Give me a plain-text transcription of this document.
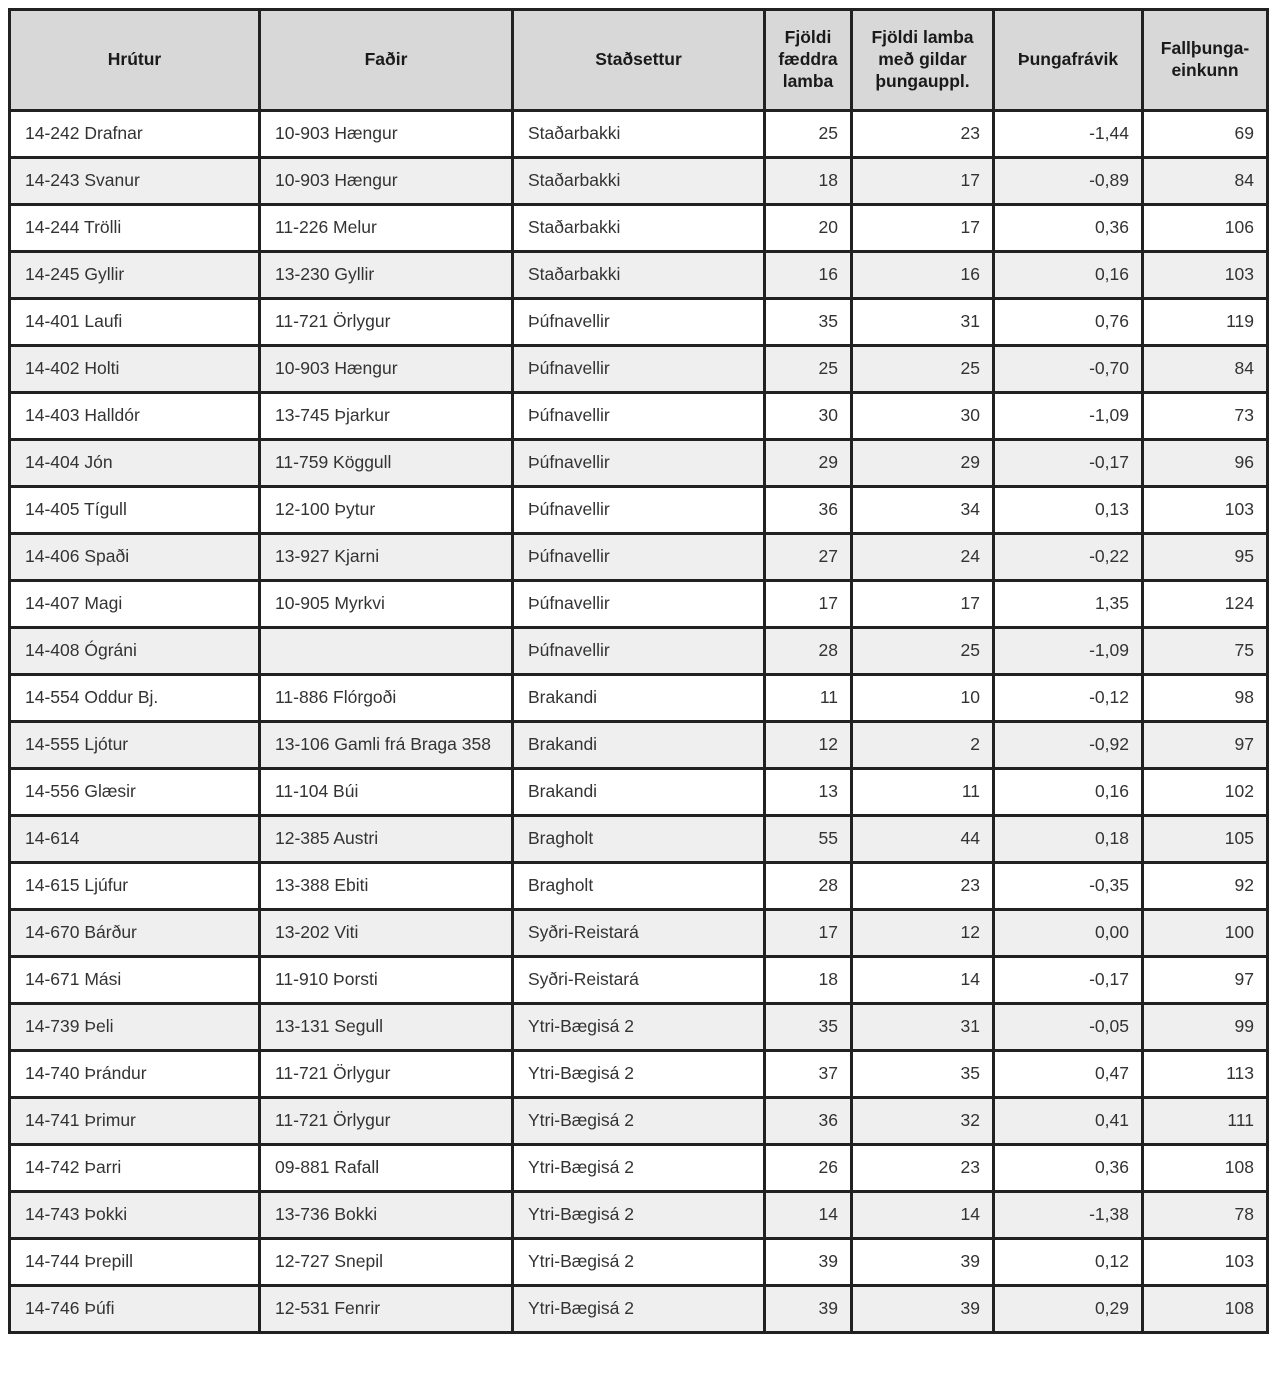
Hrútur	Faðir	Staðsettur	Fjöldi fæddra lamba	Fjöldi lamba með gildar þungauppl.	Þungafrávik	Fallþunga-einkunn
14-242 Drafnar	10-903 Hængur	Staðarbakki	25	23	-1,44	69
14-243 Svanur	10-903 Hængur	Staðarbakki	18	17	-0,89	84
14-244 Trölli	11-226 Melur	Staðarbakki	20	17	0,36	106
14-245 Gyllir	13-230 Gyllir	Staðarbakki	16	16	0,16	103
14-401 Laufi	11-721 Örlygur	Þúfnavellir	35	31	0,76	119
14-402 Holti	10-903 Hængur	Þúfnavellir	25	25	-0,70	84
14-403 Halldór	13-745 Þjarkur	Þúfnavellir	30	30	-1,09	73
14-404 Jón	11-759 Köggull	Þúfnavellir	29	29	-0,17	96
14-405 Tígull	12-100 Þytur	Þúfnavellir	36	34	0,13	103
14-406 Spaði	13-927 Kjarni	Þúfnavellir	27	24	-0,22	95
14-407 Magi	10-905 Myrkvi	Þúfnavellir	17	17	1,35	124
14-408 Ógráni		Þúfnavellir	28	25	-1,09	75
14-554 Oddur Bj.	11-886 Flórgoði	Brakandi	11	10	-0,12	98
14-555 Ljótur	13-106 Gamli frá Braga 358	Brakandi	12	2	-0,92	97
14-556 Glæsir	11-104 Búi	Brakandi	13	11	0,16	102
14-614	12-385 Austri	Bragholt	55	44	0,18	105
14-615 Ljúfur	13-388 Ebiti	Bragholt	28	23	-0,35	92
14-670 Bárður	13-202 Viti	Syðri-Reistará	17	12	0,00	100
14-671 Mási	11-910 Þorsti	Syðri-Reistará	18	14	-0,17	97
14-739 Þeli	13-131 Segull	Ytri-Bægisá 2	35	31	-0,05	99
14-740 Þrándur	11-721 Örlygur	Ytri-Bægisá 2	37	35	0,47	113
14-741 Þrimur	11-721 Örlygur	Ytri-Bægisá 2	36	32	0,41	111
14-742 Þarri	09-881 Rafall	Ytri-Bægisá 2	26	23	0,36	108
14-743 Þokki	13-736 Bokki	Ytri-Bægisá 2	14	14	-1,38	78
14-744 Þrepill	12-727 Snepil	Ytri-Bægisá 2	39	39	0,12	103
14-746 Þúfi	12-531 Fenrir	Ytri-Bægisá 2	39	39	0,29	108
